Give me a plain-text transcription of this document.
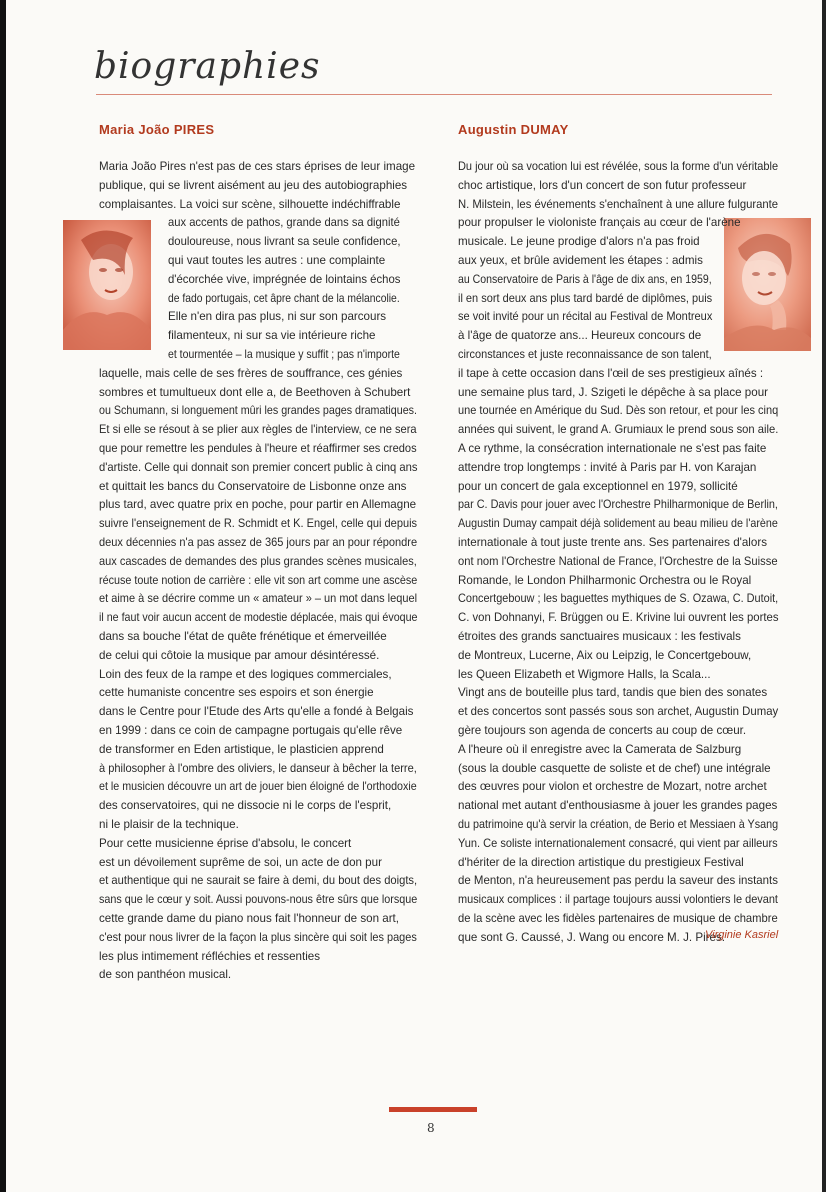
biographies
Maria João PIRES	Augustin DUMAY
Maria João Pires n'est pas de ces stars éprises de leur image
publique, qui se livrent aisément au jeu des autobiographies
complaisantes. La voici sur scène, silhouette indéchiffrable
aux accents de pathos, grande dans sa dignité
douloureuse, nous livrant sa seule confidence,
qui vaut toutes les autres : une complainte
d'écorchée vive, imprégnée de lointains échos
de fado portugais, cet âpre chant de la mélancolie.
Elle n'en dira pas plus, ni sur son parcours
filamenteux, ni sur sa vie intérieure riche
et tourmentée – la musique y suffit ; pas n'importe
laquelle, mais celle de ses frères de souffrance, ces génies
sombres et tumultueux dont elle a, de Beethoven à Schubert
ou Schumann, si longuement mûri les grandes pages dramatiques.
Et si elle se résout à se plier aux règles de l'interview, ce ne sera
que pour remettre les pendules à l'heure et réaffirmer ses credos
d'artiste. Celle qui donnait son premier concert public à cinq ans
et quittait les bancs du Conservatoire de Lisbonne onze ans
plus tard, avec quatre prix en poche, pour partir en Allemagne
suivre l'enseignement de R. Schmidt et K. Engel, celle qui depuis
deux décennies n'a pas assez de 365 jours par an pour répondre
aux cascades de demandes des plus grandes scènes musicales,
récuse toute notion de carrière : elle vit son art comme une ascèse
et aime à se décrire comme un « amateur » – un mot dans lequel
il ne faut voir aucun accent de modestie déplacée, mais qui évoque
dans sa bouche l'état de quête frénétique et émerveillée
de celui qui côtoie la musique par amour désintéressé.
Loin des feux de la rampe et des logiques commerciales,
cette humaniste concentre ses espoirs et son énergie
dans le Centre pour l'Etude des Arts qu'elle a fondé à Belgais
en 1999 : dans ce coin de campagne portugais qu'elle rêve
de transformer en Eden artistique, le plasticien apprend
à philosopher à l'ombre des oliviers, le danseur à bêcher la terre,
et le musicien découvre un art de jouer bien éloigné de l'orthodoxie
des conservatoires, qui ne dissocie ni le corps de l'esprit,
ni le plaisir de la technique.
Pour cette musicienne éprise d'absolu, le concert
est un dévoilement suprême de soi, un acte de don pur
et authentique qui ne saurait se faire à demi, du bout des doigts,
sans que le cœur y soit. Aussi pouvons-nous être sûrs que lorsque
cette grande dame du piano nous fait l'honneur de son art,
c'est pour nous livrer de la façon la plus sincère qui soit les pages
les plus intimement réfléchies et ressenties
de son panthéon musical.
Du jour où sa vocation lui est révélée, sous la forme d'un véritable
choc artistique, lors d'un concert de son futur professeur
N. Milstein, les événements s'enchaînent à une allure fulgurante
pour propulser le violoniste français au cœur de l'arène
musicale. Le jeune prodige d'alors n'a pas froid
aux yeux, et brûle avidement les étapes : admis
au Conservatoire de Paris à l'âge de dix ans, en 1959,
il en sort deux ans plus tard bardé de diplômes, puis
se voit invité pour un récital au Festival de Montreux
à l'âge de quatorze ans... Heureux concours de
circonstances et juste reconnaissance de son talent,
il tape à cette occasion dans l'œil de ses prestigieux aînés :
une semaine plus tard, J. Szigeti le dépêche à sa place pour
une tournée en Amérique du Sud. Dès son retour, et pour les cinq
années qui suivent, le grand A. Grumiaux le prend sous son aile.
A ce rythme, la consécration internationale ne s'est pas faite
attendre trop longtemps : invité à Paris par H. von Karajan
pour un concert de gala exceptionnel en 1979, sollicité
par C. Davis pour jouer avec l'Orchestre Philharmonique de Berlin,
Augustin Dumay campait déjà solidement au beau milieu de l'arène
internationale à tout juste trente ans. Ses partenaires d'alors
ont nom l'Orchestre National de France, l'Orchestre de la Suisse
Romande, le London Philharmonic Orchestra ou le Royal
Concertgebouw ; les baguettes mythiques de S. Ozawa, C. Dutoit,
C. von Dohnanyi, F. Brüggen ou E. Krivine lui ouvrent les portes
étroites des grands sanctuaires musicaux : les festivals
de Montreux, Lucerne, Aix ou Leipzig, le Concertgebouw,
les Queen Elizabeth et Wigmore Halls, la Scala...
Vingt ans de bouteille plus tard, tandis que bien des sonates
et des concertos sont passés sous son archet, Augustin Dumay
gère toujours son agenda de concerts au coup de cœur.
A l'heure où il enregistre avec la Camerata de Salzburg
(sous la double casquette de soliste et de chef) une intégrale
des œuvres pour violon et orchestre de Mozart, notre archet
national met autant d'enthousiasme à jouer les grandes pages
du patrimoine qu'à servir la création, de Berio et Messiaen à Ysang
Yun. Ce soliste internationalement consacré, qui vient par ailleurs
d'hériter de la direction artistique du prestigieux Festival
de Menton, n'a heureusement pas perdu la saveur des instants
musicaux complices : il partage toujours aussi volontiers le devant
de la scène avec les fidèles partenaires de musique de chambre
que sont G. Caussé, J. Wang ou encore M. J. Pires.
Virginie Kasriel
8
